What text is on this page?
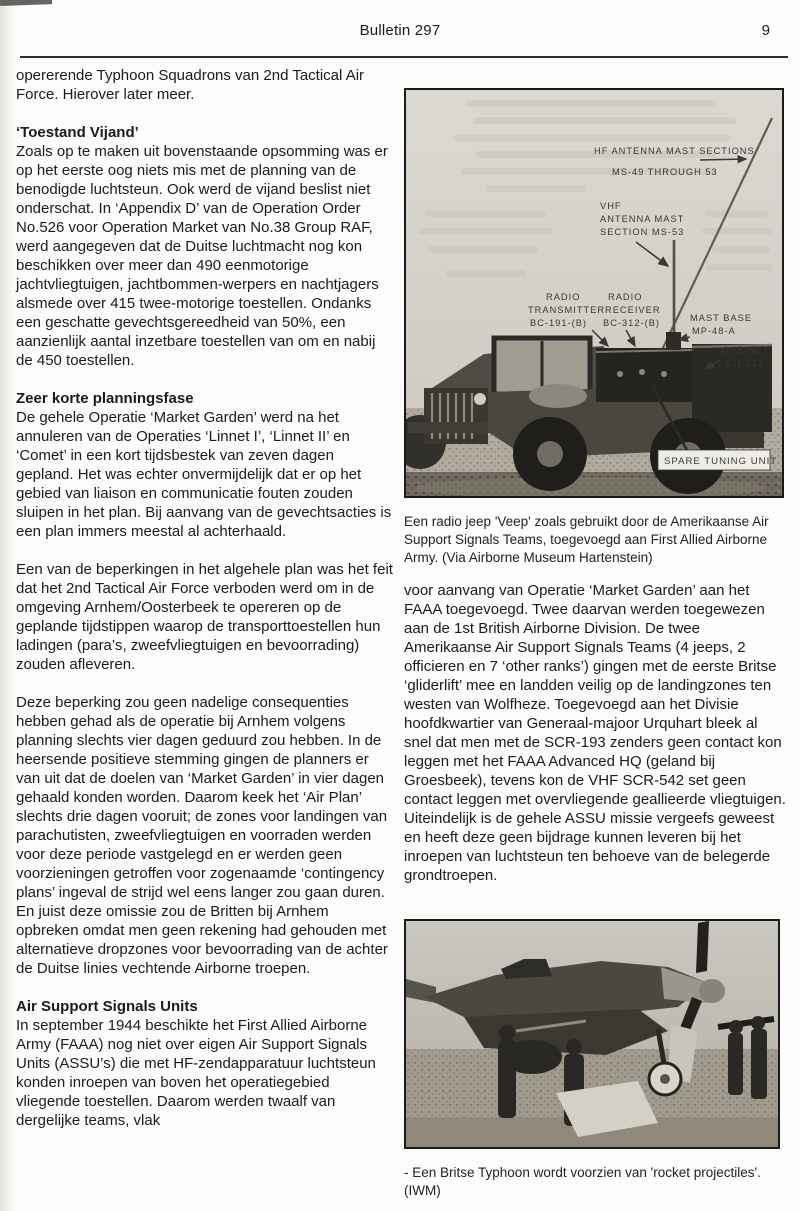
Bulletin 297	9

opererende Typhoon Squadrons van 2nd Tactical Air Force. Hierover later meer.

‘Toestand Vijand’

Zoals op te maken uit bovenstaande opsomming was er op het eerste oog niets mis met de planning van de benodigde luchtsteun. Ook werd de vijand beslist niet onderschat. In ‘Appendix D’ van de Operation Order No.526 voor Operation Market van No.38 Group RAF, werd aangegeven dat de Duitse luchtmacht nog kon beschikken over meer dan 490 eenmotorige jachtvliegtuigen, jachtbommen-werpers en nachtjagers alsmede over 415 twee-motorige toestellen. Ondanks een geschatte gevechtsgereedheid van 50%, een aanzienlijk aantal inzetbare toestellen van om en nabij de 450 toestellen.

Zeer korte planningsfase

De gehele Operatie ‘Market Garden’ werd na het annuleren van de Operaties ‘Linnet I’, ‘Linnet II’ en ‘Comet’ in een kort tijdsbestek van zeven dagen gepland. Het was echter onvermijdelijk dat er op het gebied van liaison en communicatie fouten zouden sluipen in het plan. Bij aanvang van de gevechtsacties is een plan immers meestal al achterhaald.

Een van de beperkingen in het algehele plan was het feit dat het 2nd Tactical Air Force verboden werd om in de omgeving Arnhem/Oosterbeek te opereren op de geplande tijdstippen waarop de transporttoestellen hun ladingen (para’s, zweefvliegtuigen en bevoorrading) zouden afleveren.

Deze beperking zou geen nadelige consequenties hebben gehad als de operatie bij Arnhem volgens planning slechts vier dagen geduurd zou hebben. In de heersende positieve stemming gingen de planners er van uit dat de doelen van ‘Market Garden’ in vier dagen gehaald konden worden. Daarom keek het ‘Air Plan’ slechts drie dagen vooruit; de zones voor landingen van parachutisten, zweefvliegtuigen en voorraden werden voor deze periode vastgelegd en er werden geen voorzieningen getroffen voor zogenaamde ‘contingency plans’ ingeval de strijd wel eens langer zou gaan duren. En juist deze omissie zou de Britten bij Arnhem opbreken omdat men geen rekening had gehouden met alternatieve dropzones voor bevoorrading van de achter de Duitse linies vechtende Airborne troepen.

Air Support Signals Units

In september 1944 beschikte het First Allied Airborne Army (FAAA) nog niet over eigen Air Support Signals Units (ASSU’s) die met HF-zendapparatuur luchtsteun konden inroepen van boven het operatiegebied vliegende toestellen. Daarom werden twaalf van dergelijke teams, vlak

HF ANTENNA MAST SECTIONS
MS-49 THROUGH 53
VHF
ANTENNA MAST
SECTION MS-53
RADIO
TRANSMITTER
BC-191-(B)
RADIO
RECEIVER
BC-312-(B)	MAST BASE
MP-48-A
CABINET
CH-217
SPARE TUNING UNIT

Een radio jeep 'Veep' zoals gebruikt door de Amerikaanse Air Support Signals Teams, toegevoegd aan First Allied Airborne Army. (Via Airborne Museum Hartenstein)

voor aanvang van Operatie ‘Market Garden’ aan het FAAA toegevoegd. Twee daarvan werden toegewezen aan de 1st British Airborne Division. De twee Amerikaanse Air Support Signals Teams (4 jeeps, 2 officieren en 7 ‘other ranks’) gingen met de eerste Britse ‘gliderlift’ mee en landden veilig op de landingzones ten westen van Wolfheze. Toegevoegd aan het Divisie hoofdkwartier van Generaal-majoor Urquhart bleek al snel dat men met de SCR-193 zenders geen contact kon leggen met het FAAA Advanced HQ (geland bij Groesbeek), tevens kon de VHF SCR-542 set geen contact leggen met overvliegende geallieerde vliegtuigen. Uiteindelijk is de gehele ASSU missie vergeefs geweest en heeft deze geen bijdrage kunnen leveren bij het inroepen van luchtsteun ten behoeve van de belegerde grondtroepen.

- Een Britse Typhoon wordt voorzien van 'rocket projectiles'. (IWM)
